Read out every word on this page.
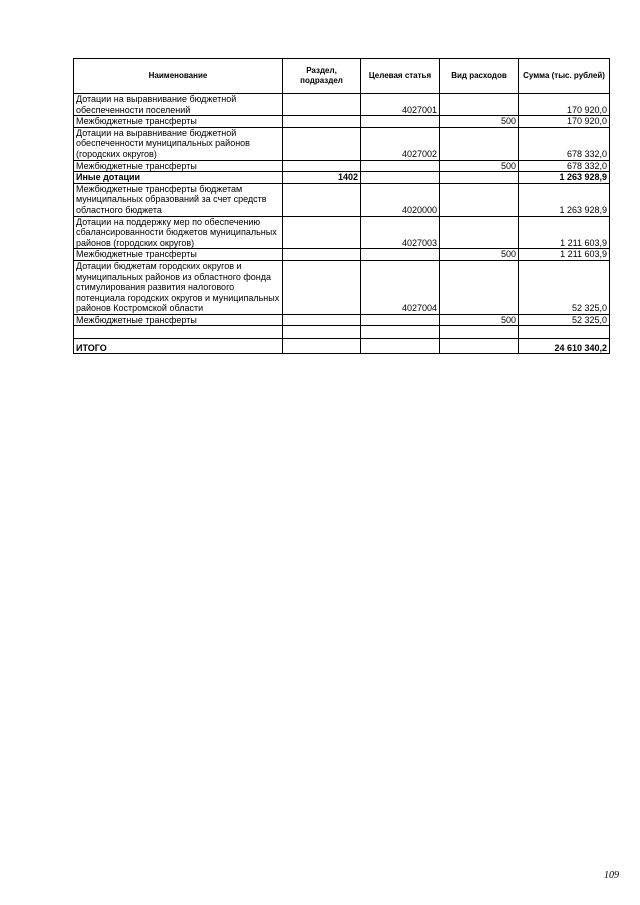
Наименование	Раздел, подраздел	Целевая статья	Вид расходов	Сумма (тыс. рублей)
Дотации на выравнивание бюджетной обеспеченности поселений		4027001		170 920,0
Межбюджетные трансферты			500	170 920,0
Дотации на выравнивание бюджетной обеспеченности муниципальных районов (городских округов)		4027002		678 332,0
Межбюджетные трансферты			500	678 332,0
Иные дотации	1402			1 263 928,9
Межбюджетные трансферты бюджетам муниципальных образований за счет средств областного бюджета		4020000		1 263 928,9
Дотации на поддержку мер по обеспечению сбалансированности бюджетов муниципальных районов (городских округов)		4027003		1 211 603,9
Межбюджетные трансферты			500	1 211 603,9
Дотации бюджетам городских округов и муниципальных районов из областного фонда стимулирования развития налогового потенциала городских округов и муниципальных районов Костромской области		4027004		52 325,0
Межбюджетные трансферты			500	52 325,0

ИТОГО				24 610 340,2
109
